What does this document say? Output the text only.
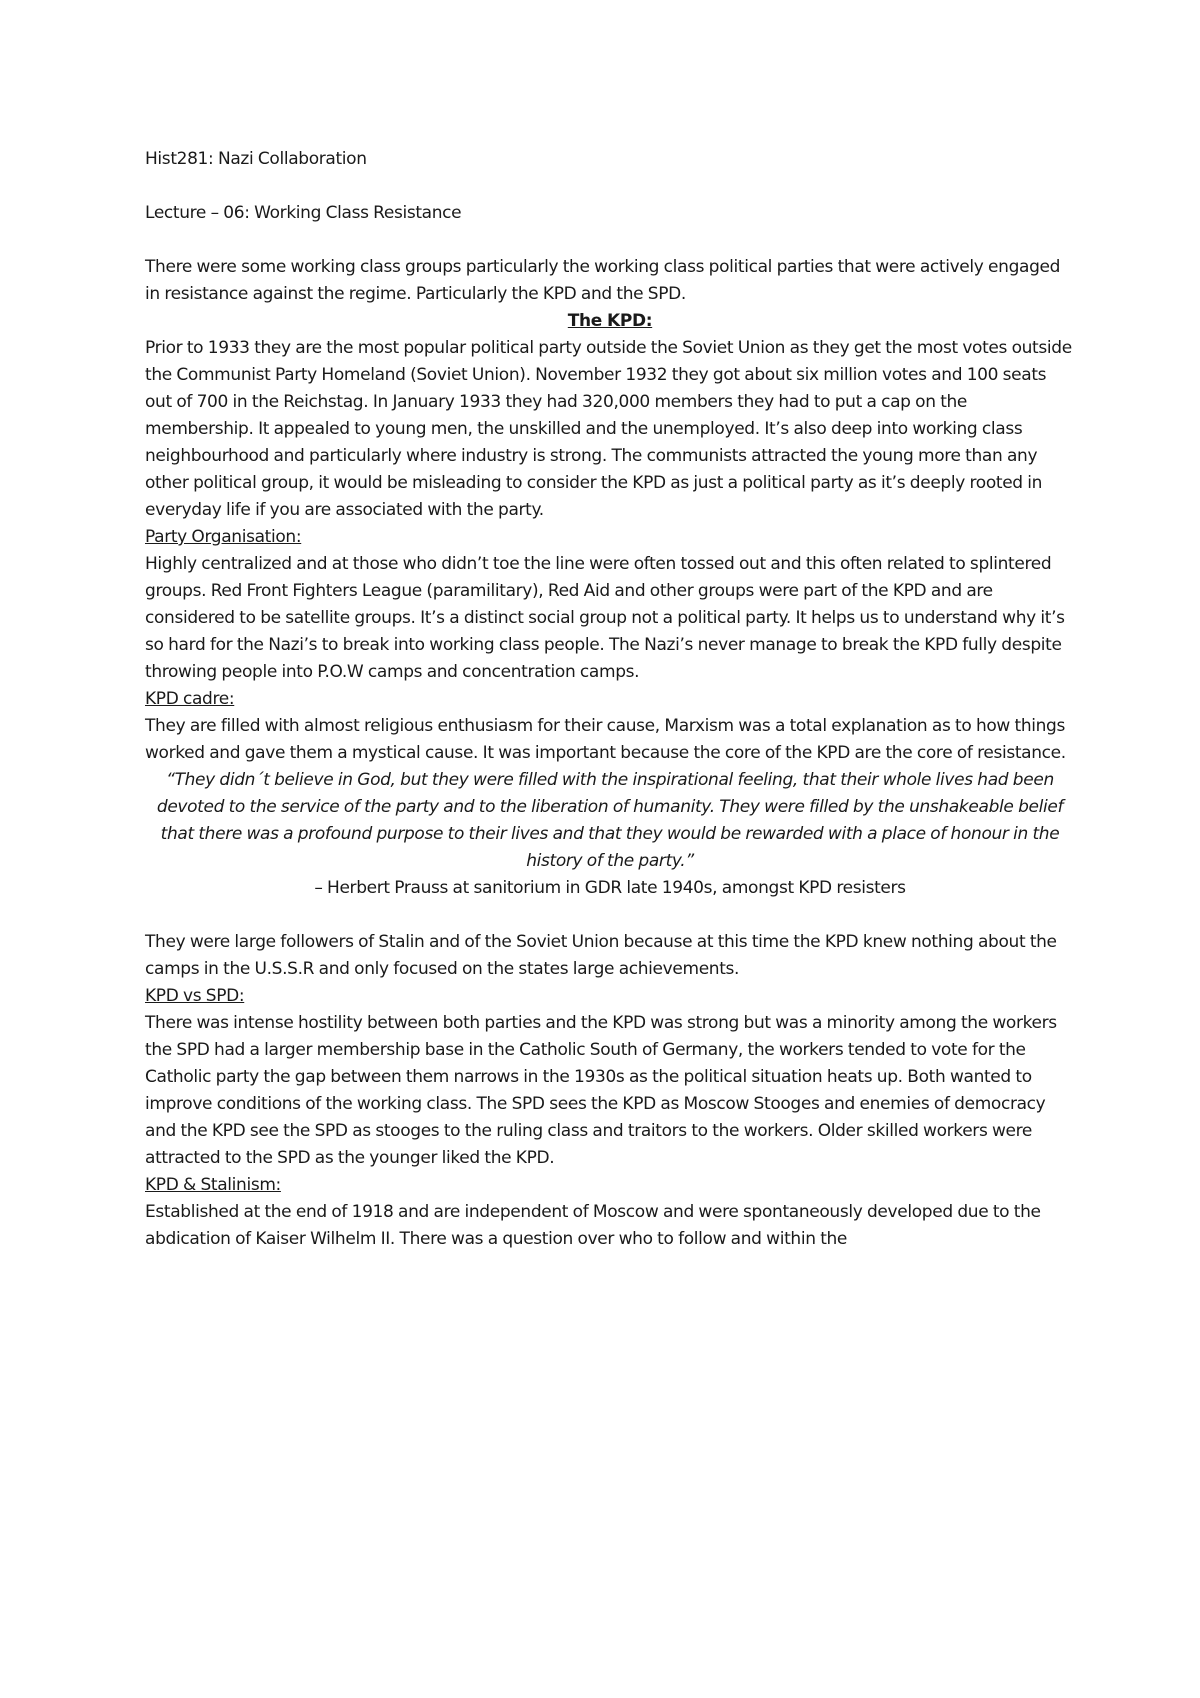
Hist281: Nazi Collaboration

Lecture – 06: Working Class Resistance

There were some working class groups particularly the working class political parties that were actively engaged in resistance against the regime. Particularly the KPD and the SPD.

The KPD:

Prior to 1933 they are the most popular political party outside the Soviet Union as they get the most votes outside the Communist Party Homeland (Soviet Union). November 1932 they got about six million votes and 100 seats out of 700 in the Reichstag. In January 1933 they had 320,000 members they had to put a cap on the membership. It appealed to young men, the unskilled and the unemployed. It’s also deep into working class neighbourhood and particularly where industry is strong. The communists attracted the young more than any other political group, it would be misleading to consider the KPD as just a political party as it’s deeply rooted in everyday life if you are associated with the party.

Party Organisation:

Highly centralized and at those who didn’t toe the line were often tossed out and this often related to splintered groups. Red Front Fighters League (paramilitary), Red Aid and other groups were part of the KPD and are considered to be satellite groups. It’s a distinct social group not a political party. It helps us to understand why it’s so hard for the Nazi’s to break into working class people. The Nazi’s never manage to break the KPD fully despite throwing people into P.O.W camps and concentration camps.

KPD cadre:

They are filled with almost religious enthusiasm for their cause, Marxism was a total explanation as to how things worked and gave them a mystical cause. It was important because the core of the KPD are the core of resistance.

“They didn´t believe in God, but they were filled with the inspirational feeling, that their whole lives had been devoted to the service of the party and to the liberation of humanity. They were filled by the unshakeable belief that there was a profound purpose to their lives and that they would be rewarded with a place of honour in the history of the party.”

– Herbert Prauss at sanitorium in GDR late 1940s, amongst KPD resisters

They were large followers of Stalin and of the Soviet Union because at this time the KPD knew nothing about the camps in the U.S.S.R and only focused on the states large achievements.

KPD vs SPD:

There was intense hostility between both parties and the KPD was strong but was a minority among the workers the SPD had a larger membership base in the Catholic South of Germany, the workers tended to vote for the Catholic party the gap between them narrows in the 1930s as the political situation heats up. Both wanted to improve conditions of the working class. The SPD sees the KPD as Moscow Stooges and enemies of democracy and the KPD see the SPD as stooges to the ruling class and traitors to the workers. Older skilled workers were attracted to the SPD as the younger liked the KPD.

KPD & Stalinism:

Established at the end of 1918 and are independent of Moscow and were spontaneously developed due to the abdication of Kaiser Wilhelm II. There was a question over who to follow and within the
